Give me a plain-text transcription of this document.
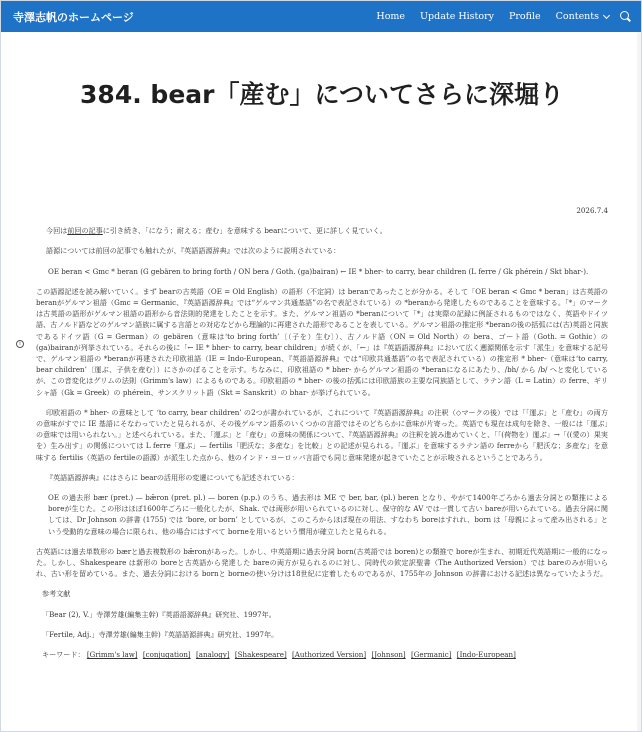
寺澤志帆のホームページ	Home Update History Profile Contents
384. bear「産む」についてさらに深堀り
i
2026.7.4

今回は前回の記事に引き続き、「になう；耐える；産む」を意味する bearについて、更に詳しく見ていく。

語源については前回の記事でも触れたが、『英語語源辞典』では次のように説明されている：

OE beran < Gmc * beran (G gebären to bring forth / ON bera / Goth. (ga)bairan) ← IE * bher- to carry, bear children (L ferre / Gk phérein / Skt bhar-).

この語源記述を読み解いていく。まず bearの古英語（OE = Old English）の語形（不定詞）は beranであったことが分かる。そして「OE beran < Gmc * beran」は古英語の beranがゲルマン祖語（Gmc = Germanic、『英語語源辞典』では“ゲルマン共通基語”の名で表記されている）の *beranから発達したものであることを意味する。「*」のマークは古英語の語形がゲルマン祖語の語形から音法則的発達をしたことを示す。また、ゲルマン祖語の *beranについて「*」は実際の記録に例証されるものではなく、英語やドイツ語、古ノルド語などのゲルマン語族に属する言語との対応などから理論的に再建された語形であることを表している。ゲルマン祖語の推定形 *beranの後の括弧には(古)英語と同族であるドイツ語（G = German）の gebären（意味は‘to bring forth’〔（子を）生む〕）、古ノルド語（ON = Old North）の bera、ゴート語（Goth. = Gothic）の (ga)bairanが列挙されている。それらの後に「← IE * bher- to carry, bear children」が続くが、「←」は『英語語源辞典』において広く遡源関係を示す「派生」を意味する記号で、ゲルマン祖語の *beranが再建された印欧祖語（IE = Indo-European、『英語語源辞典』では“印欧共通基語”の名で表記されている）の推定形 * bher-（意味は‘to carry, bear children’〔運ぶ、子供を産む〕）にさかのぼることを示す。ちなみに、印欧祖語の * bher- からゲルマン祖語の *beranになるにあたり、/bh/ から /b/ へと変化しているが、この音変化はグリムの法則（Grimm's law）によるものである。印欧祖語の * bher- の後の括弧には印欧語族の主要な同族語として、ラテン語（L = Latin）の ferre、ギリシャ語（Gk = Greek）の phérein、サンスクリット語（Skt = Sanskrit）の bhar- が挙げられている。

印欧祖語の * bher- の意味として ‘to carry, bear children’ の2つが書かれているが、これについて『英語語源辞典』の注釈（◇マークの後）では「「運ぶ」と「産む」の両方の意味がすでに IE 基語にそなわっていたと見られるが、その後ゲルマン語系のいくつかの言語ではそのどちらかに意味が片寄った。英語でも現在は成句を除き、一般には「運ぶ」の意味では用いられない。」と述べられている。また、「運ぶ」と「産む」の意味の関係について、『英語語源辞典』の注釈を読み進めていくと、「「(荷物を）運ぶ」→「((愛の）果実を）生み出す」の関係については L ferre「運ぶ」— fertilis「肥沃な；多産な」を比較」との記述が見られる。「運ぶ」を意味するラテン語の ferreから「肥沃な；多産な」を意味する fertilis（英語の fertileの語源）が派生した点から、他のインド・ヨーロッパ言語でも同じ意味発達が起きていたことが示唆されるということであろう。

『英語語源辞典』にはさらに bearの活用形の変遷についても記述されている：

OE の過去形 bær (pret.) — bǣron (pret. pl.) — boren (p.p.) のうち、過去形は ME で ber, bar, (pl.) beren となり、やがて1400年ごろから過去分詞との類推による boreが生じた。この形はほぼ1600年ごろに一般化したが、Shak. では両形が用いられているのに対し、保守的な AV では一貫して古い bareが用いられている。過去分詞に関しては、Dr Johnson の辞書 (1755) では ‘bore, or born’ としているが、このころからほぼ現在の用法、すなわち boreはすれれ、born は「母親によって産み出される」という受動的な意味の場合に限られ、他の場合にはすべて borneを用いるという慣用が確立したと見られる。

古英語には過去単数形の bærと過去複数形の bǣronがあった。しかし、中英語期に過去分詞 born(古英語では boren)との類推で boreが生まれ、初期近代英語期に一般的になった。しかし、Shakespeare は新形の boreと古英語から発達した bareの両方が見られるのに対し、同時代の欽定訳聖書（The Authorized Version）では bareのみが用いられ、古い形を留めている。また、過去分詞における bornと borneの使い分けは18世紀に定着したものであるが、1755年の Johnson の辞書における記述は異なっていたようだ。

参考文献

「Bear (2), V.」寺澤芳雄(編集主幹)『英語語源辞典』研究社、1997年。

「Fertile, Adj.」寺澤芳雄(編集主幹)『英語語源辞典』研究社、1997年。

キーワード： [Grimm's law] [conjugation] [analogy] [Shakespeare] [Authorized Version] [Johnson] [Germanic] [Indo-European]
